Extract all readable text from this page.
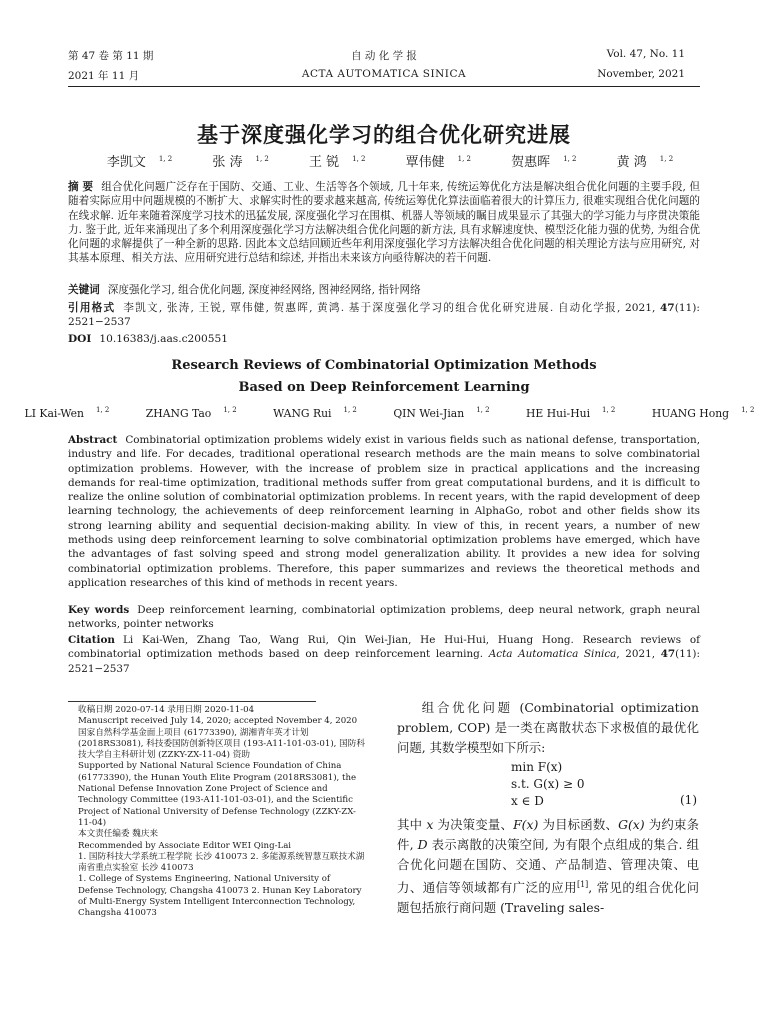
第 47 卷 第 11 期
2021 年 11 月
自 动 化 学 报
ACTA AUTOMATICA SINICA
Vol. 47, No. 11
November, 2021
基于深度强化学习的组合优化研究进展
李凯文 $^{1, 2}$	张 涛 $^{1, 2}$	王 锐 $^{1, 2}$	覃伟健 $^{1, 2}$	贺惠晖 $^{1, 2}$	黄 鸿 $^{1, 2}$
摘 要 组合优化问题广泛存在于国防、交通、工业、生活等各个领域, 几十年来, 传统运筹优化方法是解决组合优化问题的主要手段, 但随着实际应用中问题规模的不断扩大、求解实时性的要求越来越高, 传统运筹优化算法面临着很大的计算压力, 很难实现组合优化问题的在线求解. 近年来随着深度学习技术的迅猛发展, 深度强化学习在围棋、机器人等领域的瞩目成果显示了其强大的学习能力与序贯决策能力. 鉴于此, 近年来涌现出了多个利用深度强化学习方法解决组合优化问题的新方法, 具有求解速度快、模型泛化能力强的优势, 为组合优化问题的求解提供了一种全新的思路. 因此本文总结回顾近些年利用深度强化学习方法解决组合优化问题的相关理论方法与应用研究, 对其基本原理、相关方法、应用研究进行总结和综述, 并指出未来该方向亟待解决的若干问题.
关键词 深度强化学习, 组合优化问题, 深度神经网络, 图神经网络, 指针网络
引用格式 李凯文, 张涛, 王锐, 覃伟健, 贺惠晖, 黄鸿. 基于深度强化学习的组合优化研究进展. 自动化学报, 2021, 47(11): 2521−2537
DOI 10.16383/j.aas.c200551
Research Reviews of Combinatorial Optimization Methods
Based on Deep Reinforcement Learning
LI Kai-Wen $^{1, 2}$	ZHANG Tao $^{1, 2}$	WANG Rui $^{1, 2}$	QIN Wei-Jian $^{1, 2}$	HE Hui-Hui $^{1, 2}$	HUANG Hong $^{1, 2}$
Abstract Combinatorial optimization problems widely exist in various fields such as national defense, transportation, industry and life. For decades, traditional operational research methods are the main means to solve combinatorial optimization problems. However, with the increase of problem size in practical applications and the increasing demands for real-time optimization, traditional methods suffer from great computational burdens, and it is difficult to realize the online solution of combinatorial optimization problems. In recent years, with the rapid development of deep learning technology, the achievements of deep reinforcement learning in AlphaGo, robot and other fields show its strong learning ability and sequential decision-making ability. In view of this, in recent years, a number of new methods using deep reinforcement learning to solve combinatorial optimization problems have emerged, which have the advantages of fast solving speed and strong model generalization ability. It provides a new idea for solving combinatorial optimization problems. Therefore, this paper summarizes and reviews the theoretical methods and application researches of this kind of methods in recent years.
Key words Deep reinforcement learning, combinatorial optimization problems, deep neural network, graph neural networks, pointer networks
Citation Li Kai-Wen, Zhang Tao, Wang Rui, Qin Wei-Jian, He Hui-Hui, Huang Hong. Research reviews of combinatorial optimization methods based on deep reinforcement learning. Acta Automatica Sinica, 2021, 47(11): 2521−2537
收稿日期 2020-07-14 录用日期 2020-11-04
Manuscript received July 14, 2020; accepted November 4, 2020
国家自然科学基金面上项目 (61773390), 湖湘青年英才计划 (2018RS3081), 科技委国防创新特区项目 (193-A11-101-03-01), 国防科技大学自主科研计划 (ZZKY-ZX-11-04) 资助
Supported by National Natural Science Foundation of China (61773390), the Hunan Youth Elite Program (2018RS3081), the National Defense Innovation Zone Project of Science and Technology Committee (193-A11-101-03-01), and the Scientific Project of National University of Defense Technology (ZZKY-ZX-11-04)
本文责任编委 魏庆来
Recommended by Associate Editor WEI Qing-Lai
1. 国防科技大学系统工程学院 长沙 410073 2. 多能源系统智慧互联技术湖南省重点实验室 长沙 410073
1. College of Systems Engineering, National University of Defense Technology, Changsha 410073 2. Hunan Key Laboratory of Multi-Energy System Intelligent Interconnection Technology, Changsha 410073
组合优化问题 (Combinatorial optimization problem, COP) 是一类在离散状态下求极值的最优化问题, 其数学模型如下所示:
min F(x)
s.t. G(x) ≥ 0
x ∈ D	(1)
其中 x 为决策变量、F(x) 为目标函数、G(x) 为约束条件, D 表示离散的决策空间, 为有限个点组成的集合. 组合优化问题在国防、交通、产品制造、管理决策、电力、通信等领域都有广泛的应用[1], 常见的组合优化问题包括旅行商问题 (Traveling sales-
